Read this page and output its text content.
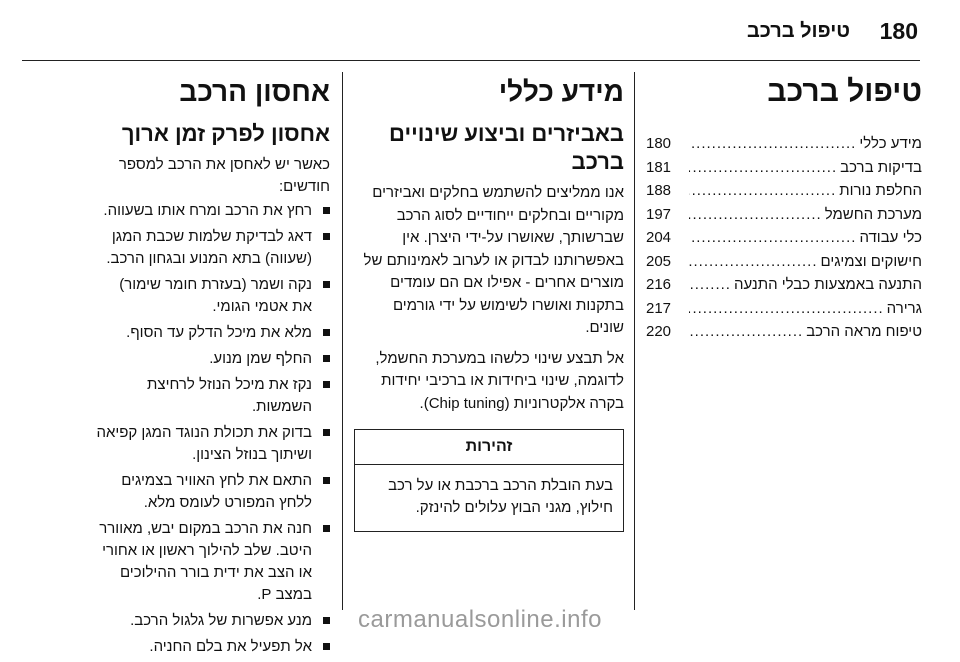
180
טיפול ברכב
טיפול ברכב
מידע כללי
.....
180
בדיקות ברכב
.....
181
החלפת נורות
.....
188
מערכת החשמל
.....
197
כלי עבודה
.....
204
חישוקים וצמיגים
.....
205
התנעה באמצעות כבלי התנעה
.....
216
גרירה
.....
217
טיפוח מראה הרכב
.....
220
מידע כללי
באביזרים וביצוע שינויים ברכב

אנו ממליצים להשתמש בחלקים ואביזרים מקוריים ובחלקים ייחודיים לסוג הרכב שברשותך, שאושרו על-ידי היצרן. אין באפשרותנו לבדוק או לערוב לאמינותם של מוצרים אחרים - אפילו אם הם עומדים בתקנות ואושרו לשימוש על ידי גורמים שונים.

אל תבצע שינוי כלשהו במערכת החשמל, לדוגמה, שינוי ביחידות או ברכיבי יחידות בקרה אלקטרוניות (Chip tuning).

זהירות

בעת הובלת הרכב ברכבת או על רכב חילוץ, מגני הבוץ עלולים להינזק.

אחסון הרכב
אחסון לפרק זמן ארוך

כאשר יש לאחסן את הרכב למספר חודשים:

רחץ את הרכב ומרח אותו בשעווה.
דאג לבדיקת שלמות שכבת המגן (שעווה) בתא המנוע ובגחון הרכב.
נקה ושמר (בעזרת חומר שימור) את אטמי הגומי.
מלא את מיכל הדלק עד הסוף.
החלף שמן מנוע.
נקז את מיכל הנוזל לרחיצת השמשות.
בדוק את תכולת הנוגד המגן קפיאה ושיתוך בנוזל הצינון.
התאם את לחץ האוויר בצמיגים ללחץ המפורט לעומס מלא.
חנה את הרכב במקום יבש, מאוורר היטב. שלב להילוך ראשון או אחורי או הצב את ידית בורר ההילוכים במצב P.
מנע אפשרות של גלגול הרכב.
אל תפעיל את בלם החניה.
carmanualsonline.info
